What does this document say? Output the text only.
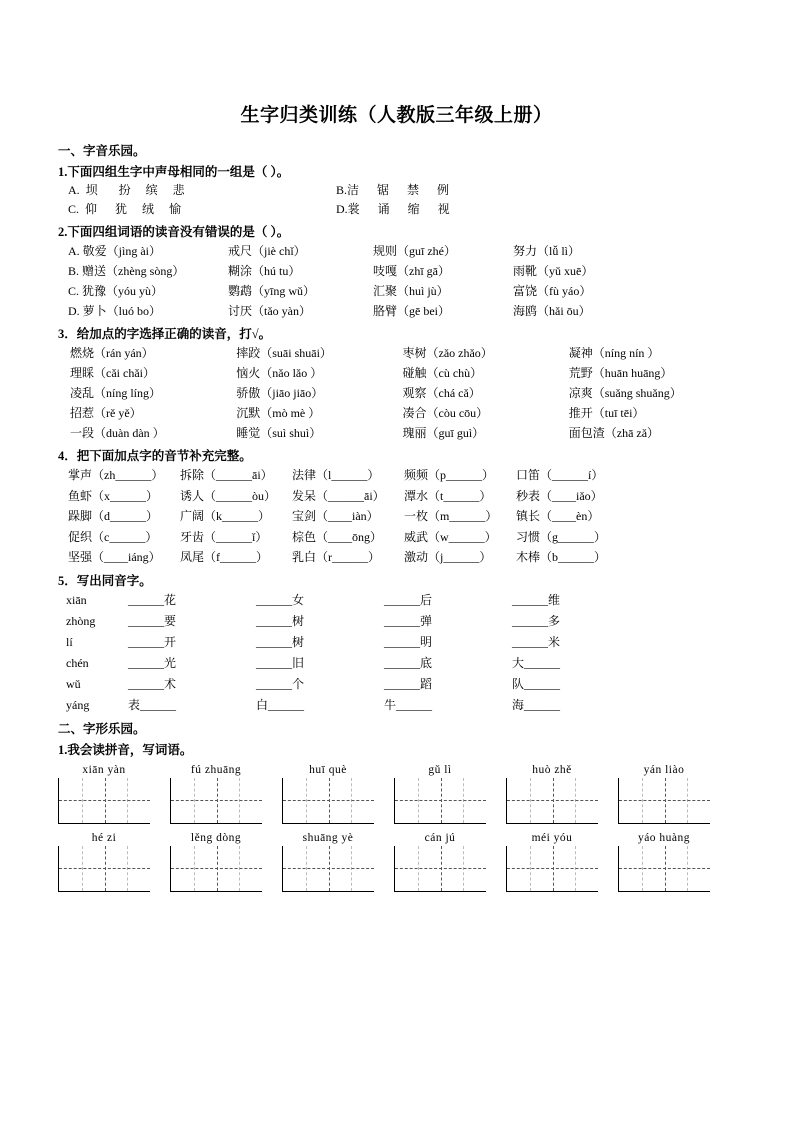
生字归类训练（人教版三年级上册）
一、字音乐园。
1.下面四组生字中声母相同的一组是（ ）。
A.  坝       扮     缤     悲	B.洁      锯      禁      例
C.  仰      犹     绒     愉	D.裳      诵      缩      视
2.下面四组词语的读音没有错误的是（ ）。
A. 敬爱（jìng ài）	戒尺（jiè chǐ）	规则（guī zhé）	努力（lǚ lì）
B. 赠送（zhèng sòng）	糊涂（hú tu）	吱嘎（zhī gā）	雨靴（yǔ xuē）
C. 犹豫（yóu yù）	鹦鹉（yīng wǔ）	汇聚（huì jù）	富饶（fù yáo）
D. 萝卜（luó bo）	讨厌（tǎo yàn）	胳臂（gē bei）	海鸥（hǎi ōu）
3．给加点的字选择正确的读音，打√。
燃烧（rán yán）	摔跤（suāi shuāi）	枣树（zǎo zhǎo）	凝神（níng nín ）
理睬（cǎi chǎi）	恼火（nǎo lǎo ）	碰触（cù chù）	荒野（huān huāng）
凌乱（níng líng）	骄傲（jiāo jiāo）	观察（chá cǎ）	凉爽（suǎng shuǎng）
招惹（rě yě）	沉默（mò mè ）	凑合（còu cōu）	推开（tuī tēi）
一段（duàn dàn ）	睡觉（suì shuì）	瑰丽（guī guì）	面包渣（zhā zǎ）
4．把下面加点字的音节补充完整。
掌声（zh______）	拆除（______āi）	法律（l______）	频频（p______）	口笛（______í）
鱼虾（x______）	诱人（______òu）	发呆（______āi）	潭水（t______）	秒表（____iǎo）
跺脚（d______）	广阔（k______）	宝剑（____iàn）	一枚（m______）	镇长（____èn）
促织（c______）	牙齿（______ǐ）	棕色（____ōng）	威武（w______）	习惯（g______）
坚强（____iáng）	凤尾（f______）	乳白（r______）	激动（j______）	木棒（b______）
5．写出同音字。
xiān	______花	______女	______后	______维
zhòng	______要	______树	______弹	______多
lí	______开	______树	______明	______米
chén	______光	______旧	______底	大______
wǔ	______术	______个	______蹈	队______
yáng	表______	白______	牛______	海______
二、字形乐园。
1.我会读拼音，写词语。
xiān yàn	fú zhuāng	huī què	gǔ lì	huò zhě	yán liào
hé zi	lěng dòng	shuāng yè	cán jú	méi yóu	yáo huàng
